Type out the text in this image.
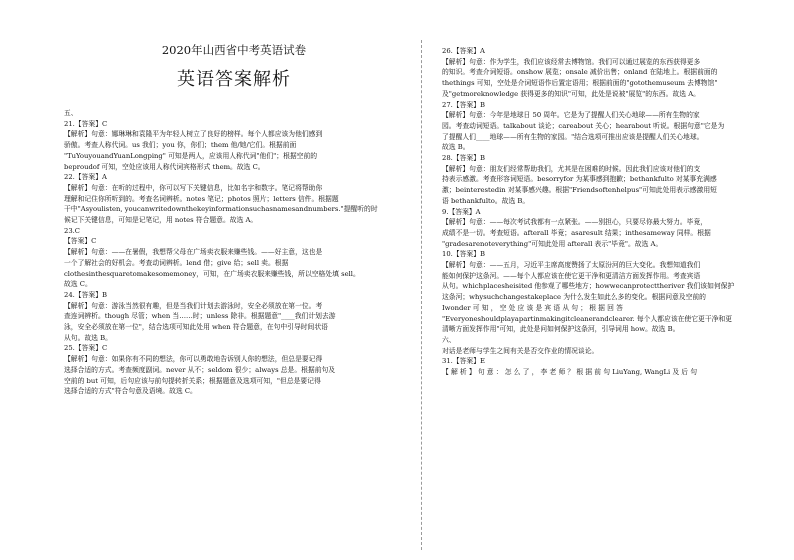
2020年山西省中考英语试卷
英语答案解析
五、
21.【答案】C
【解析】句意：娜琳琳和袁隆平为年轻人树立了良好的榜样。每个人都应该为他们感到
骄傲。考查人称代词。us 我们；you 你，你们；them 他/她/它们。根据前面
"TuYouyouandYuanLongping" 可知是两人，应该用人称代词"他们"；根据空前的
beproudof 可知，空处应该用人称代词宾格形式 them。故选 C。
22.【答案】A
【解析】句意：在听的过程中，你可以写下关键信息，比如名字和数字。笔记将帮助你
理解和记住你所听到的。考查名词辨析。notes 笔记；photos 照片；letters 信件。根据题
干中"Asyoulisten, youcanwritedownthekeyinformationsuchasnamesandnumbers."提醒听的时
候记下关键信息，可知是记笔记，用 notes 符合题意。故选 A。
23.C
【答案】C
【解析】句意：——在暑假，我想帮父母在广场卖衣服来赚些钱。——好主意，这也是
一个了解社会的好机会。考查动词辨析。lend 借；give 给；sell 卖。根据
clothesinthesquaretomakesomemoney，可知，在广场卖衣服来赚些钱，所以空格处填 sell。
故选 C。
24.【答案】B
【解析】句意：游泳当然很有趣，但是当我们计划去游泳时，安全必须放在第一位。考
查连词辨析。though 尽管；when 当……时；unless 除非。根据题意"____我们计划去游
泳，安全必须放在第一位"，结合选项可知此处用 when 符合题意，在句中引导时间状语
从句。故选 B。
25.【答案】C
【解析】句意：如果你有不同的想法，你可以勇敢地告诉别人你的想法，但总是要记得
选择合适的方式。考查频度副词。never 从不；seldom 很少；always 总是。根据前句及
空前的 but 可知，后句应该与前句提转折关系；根据题意及选项可知，"但总是要记得
选择合适的方式"符合句意及语境。故选 C。
26.【答案】A
【解析】句意：作为学生，我们应该经常去博物馆。我们可以通过展览的东西获得更多
的知识。考查介词短语。onshow 展览；onsale 减价出售；onland 在陆地上。根据前面的
thethings 可知，空处是介词短语作后置定语用；根据前面的"gotothemuseum 去博物馆"
及"getmoreknowledge 获得更多的知识"可知，此处是说被"展览"的东西。故选 A。
27.【答案】B
【解析】句意：今年是地球日 50 周年。它是为了提醒人们关心地球——所有生物的家
园。考查动词短语。talkabout 谈论；careabout 关心；hearabout 听说。根据句意"它是为
了提醒人们____地球——所有生物的家园。"结合选项可推出应该是提醒人们关心地球。
故选 B。
28.【答案】B
【解析】句意：朋友们经常帮助我们，尤其是在困难的时候。因此我们应该对他们的支
持表示感激。考查形容词短语。besorryfor 为某事感到抱歉；bethankfulto 对某事充满感
激；beinterestedin 对某事感兴趣。根据"Friendsoftenhelpus"可知此处用表示感激用短
语 bethankfulto。故选 B。
9.【答案】A
【解析】句意：——每次考试我都有一点紧张。——别担心，只要尽你最大努力。毕竟，
成绩不是一切。考查短语。afterall 毕竟；asaresult 结果；inthesameway 同样。根据
"gradesarenoteverything"可知此处用 afterall 表示"毕竟"。故选 A。
10.【答案】B
【解析】句意：——五月，习近平主席高度赞扬了太原汾河的巨大变化。我想知道我们
能如何保护这条河。——每个人都应该在使它更干净和更清洁方面发挥作用。考查宾语
从句。whichplacesheisited 他参观了哪些地方；howwecanprotecttheriver 我们该如何保护
这条河；whysuchchangestakeplace 为什么发生如此么多的变化。根据问意及空前的
Iwonder 可 知 ， 空 处 应 该 是 宾 语 从 句 ； 根 据 回 答
"Everyoneshouldplayapartinmakingitcleanerandclearer. 每个人都应该在使它更干净和更
清晰方面发挥作用"可知，此处是问如何保护这条河，引导词用 how。故选 B。
六、
对话是老师与学生之间有关是否交作业的情况谈论。
31.【答案】E
【 解 析 】 句 意 ： 怎 么 了 ， 李 老 师 ？ 根 据 前 句 LiuYang, WangLi 及 后 句
